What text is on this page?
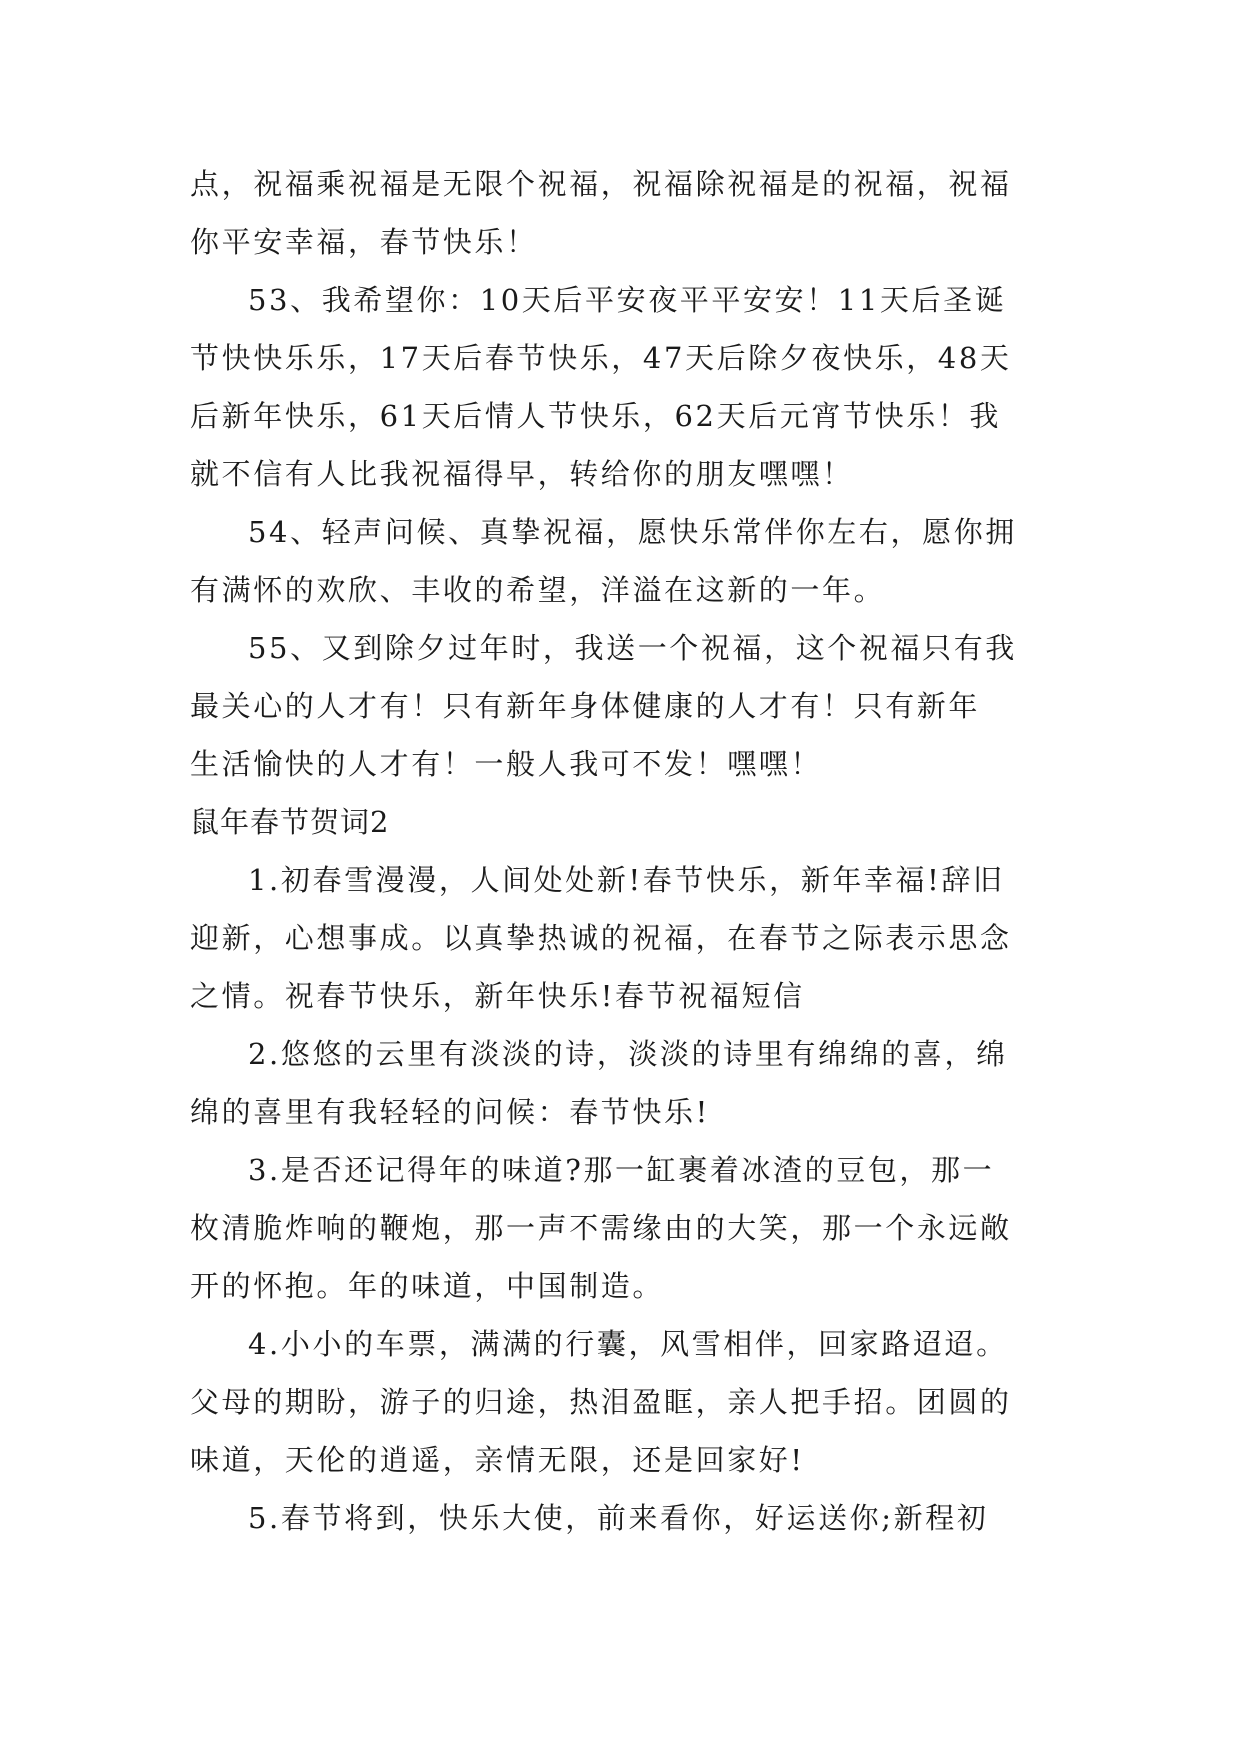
点，祝福乘祝福是无限个祝福，祝福除祝福是的祝福，祝福
你平安幸福，春节快乐！
53、我希望你：10天后平安夜平平安安！11天后圣诞
节快快乐乐，17天后春节快乐，47天后除夕夜快乐，48天
后新年快乐，61天后情人节快乐，62天后元宵节快乐！我
就不信有人比我祝福得早，转给你的朋友嘿嘿！
54、轻声问候、真挚祝福，愿快乐常伴你左右，愿你拥
有满怀的欢欣、丰收的希望，洋溢在这新的一年。
55、又到除夕过年时，我送一个祝福，这个祝福只有我
最关心的人才有！只有新年身体健康的人才有！只有新年
生活愉快的人才有！一般人我可不发！嘿嘿！
鼠年春节贺词2
1.初春雪漫漫，人间处处新!春节快乐，新年幸福!辞旧
迎新，心想事成。以真挚热诚的祝福，在春节之际表示思念
之情。祝春节快乐，新年快乐!春节祝福短信
2.悠悠的云里有淡淡的诗，淡淡的诗里有绵绵的喜，绵
绵的喜里有我轻轻的问候：春节快乐!
3.是否还记得年的味道?那一缸裹着冰渣的豆包，那一
枚清脆炸响的鞭炮，那一声不需缘由的大笑，那一个永远敞
开的怀抱。年的味道，中国制造。
4.小小的车票，满满的行囊，风雪相伴，回家路迢迢。
父母的期盼，游子的归途，热泪盈眶，亲人把手招。团圆的
味道，天伦的逍遥，亲情无限，还是回家好!
5.春节将到，快乐大使，前来看你，好运送你;新程初
